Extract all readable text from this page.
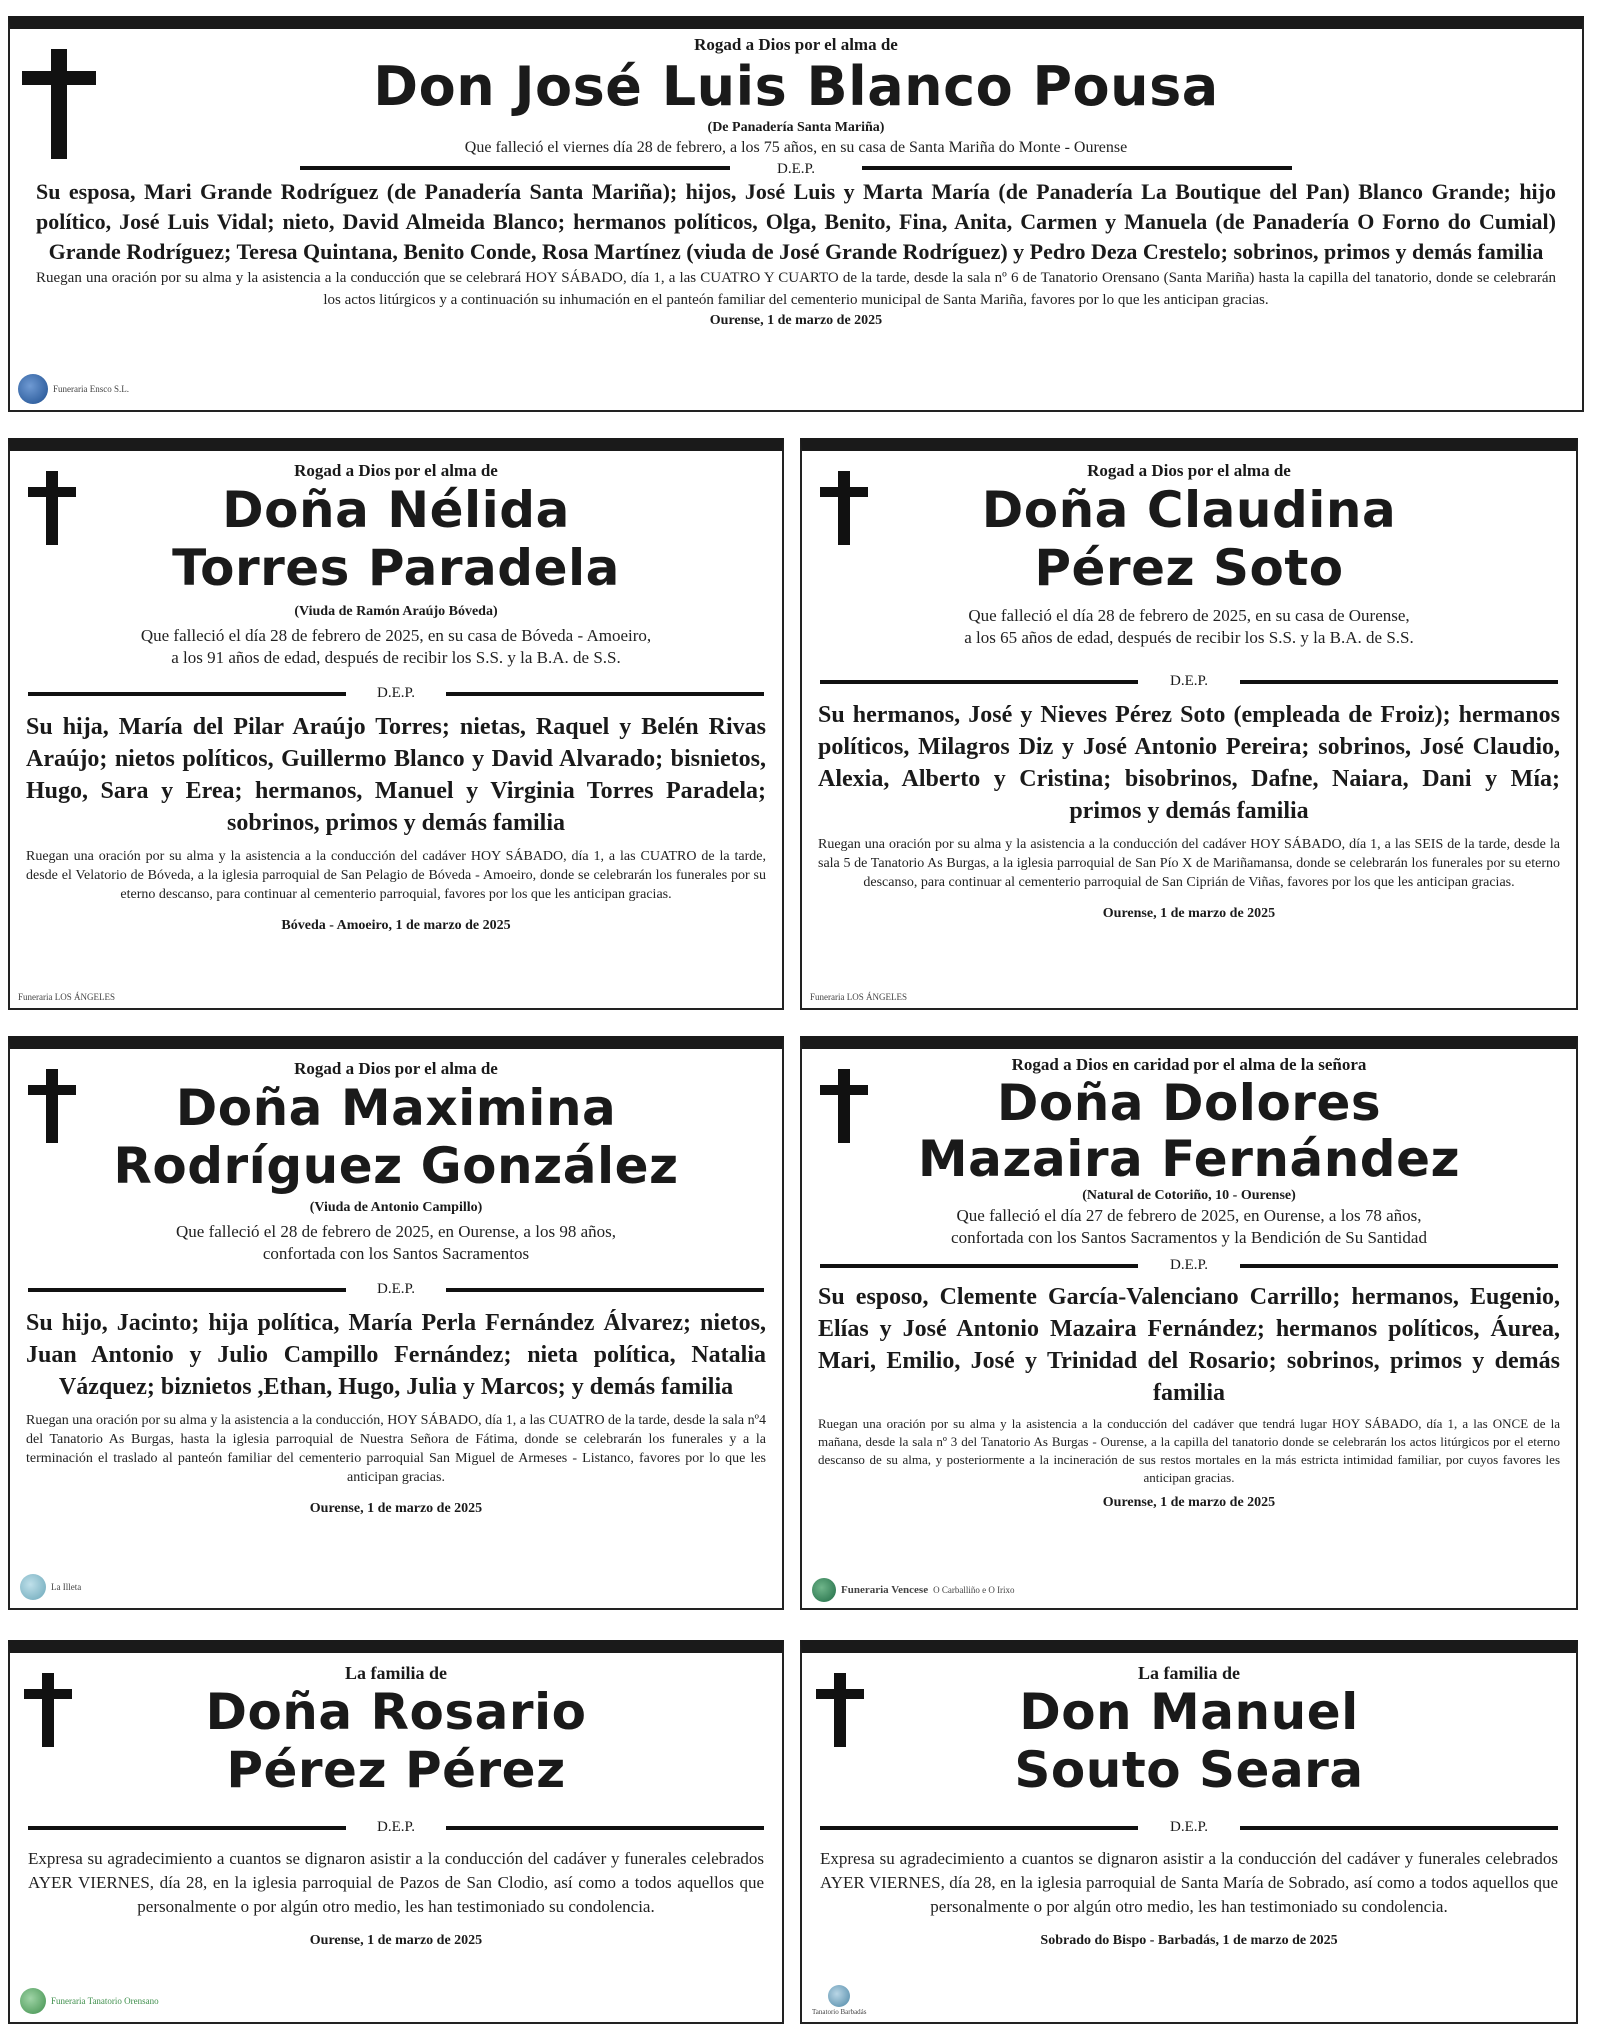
Rogad a Dios por el alma de
Don José Luis Blanco Pousa
(De Panadería Santa Mariña)
Que falleció el viernes día 28 de febrero, a los 75 años, en su casa de Santa Mariña do Monte - Ourense
D.E.P.
Su esposa, Mari Grande Rodríguez (de Panadería Santa Mariña); hijos, José Luis y Marta María (de Panadería La Boutique del Pan) Blanco Grande; hijo político, José Luis Vidal; nieto, David Almeida Blanco; hermanos políticos, Olga, Benito, Fina, Anita, Carmen y Manuela (de Panadería O Forno do Cumial) Grande Rodríguez; Teresa Quintana, Benito Conde, Rosa Martínez (viuda de José Grande Rodríguez) y Pedro Deza Crestelo; sobrinos, primos y demás familia
Ruegan una oración por su alma y la asistencia a la conducción que se celebrará HOY SÁBADO, día 1, a las CUATRO Y CUARTO de la tarde, desde la sala nº 6 de Tanatorio Orensano (Santa Mariña) hasta la capilla del tanatorio, donde se celebrarán los actos litúrgicos y a continuación su inhumación en el panteón familiar del cementerio municipal de Santa Mariña, favores por lo que les anticipan gracias.
Ourense, 1 de marzo de 2025
Funeraria Ensco S.L.
Rogad a Dios por el alma de
Doña Nélida
Torres Paradela
(Viuda de Ramón Araújo Bóveda)
Que falleció el día 28 de febrero de 2025, en su casa de Bóveda - Amoeiro,
a los 91 años de edad, después de recibir los S.S. y la B.A. de S.S.
D.E.P.
Su hija, María del Pilar Araújo Torres; nietas, Raquel y Belén Rivas Araújo; nietos políticos, Guillermo Blanco y David Alvarado; bisnietos, Hugo, Sara y Erea; hermanos, Manuel y Virginia Torres Paradela; sobrinos, primos y demás familia
Ruegan una oración por su alma y la asistencia a la conducción del cadáver HOY SÁBADO, día 1, a las CUATRO de la tarde, desde el Velatorio de Bóveda, a la iglesia parroquial de San Pelagio de Bóveda - Amoeiro, donde se celebrarán los funerales por su eterno descanso, para continuar al cementerio parroquial, favores por los que les anticipan gracias.
Bóveda - Amoeiro, 1 de marzo de 2025
Funeraria LOS ÁNGELES
Rogad a Dios por el alma de
Doña Claudina
Pérez Soto
Que falleció el día 28 de febrero de 2025, en su casa de Ourense,
a los 65 años de edad, después de recibir los S.S. y la B.A. de S.S.
D.E.P.
Su hermanos, José y Nieves Pérez Soto (empleada de Froiz); hermanos políticos, Milagros Diz y José Antonio Pereira; sobrinos, José Claudio, Alexia, Alberto y Cristina; bisobrinos, Dafne, Naiara, Dani y Mía; primos y demás familia
Ruegan una oración por su alma y la asistencia a la conducción del cadáver HOY SÁBADO, día 1, a las SEIS de la tarde, desde la sala 5 de Tanatorio As Burgas, a la iglesia parroquial de San Pío X de Mariñamansa, donde se celebrarán los funerales por su eterno descanso, para continuar al cementerio parroquial de San Ciprián de Viñas, favores por los que les anticipan gracias.
Ourense, 1 de marzo de 2025
Funeraria LOS ÁNGELES
Rogad a Dios por el alma de
Doña Maximina
Rodríguez González
(Viuda de Antonio Campillo)
Que falleció el 28 de febrero de 2025, en Ourense, a los 98 años,
confortada con los Santos Sacramentos
D.E.P.
Su hijo, Jacinto; hija política, María Perla Fernández Álvarez; nietos, Juan Antonio y Julio Campillo Fernández; nieta política, Natalia Vázquez; biznietos ,Ethan, Hugo, Julia y Marcos; y demás familia
Ruegan una oración por su alma y la asistencia a la conducción, HOY SÁBADO, día 1, a las CUATRO de la tarde, desde la sala nº4 del Tanatorio As Burgas, hasta la iglesia parroquial de Nuestra Señora de Fátima, donde se celebrarán los funerales y a la terminación el traslado al panteón familiar del cementerio parroquial San Miguel de Armeses - Listanco, favores por lo que les anticipan gracias.
Ourense, 1 de marzo de 2025
La Illeta
Rogad a Dios en caridad por el alma de la señora
Doña Dolores
Mazaira Fernández
(Natural de Cotoriño, 10 - Ourense)
Que falleció el día 27 de febrero de 2025, en Ourense, a los 78 años,
confortada con los Santos Sacramentos y la Bendición de Su Santidad
D.E.P.
Su esposo, Clemente García-Valenciano Carrillo; hermanos, Eugenio, Elías y José Antonio Mazaira Fernández; hermanos políticos, Áurea, Mari, Emilio, José y Trinidad del Rosario; sobrinos, primos y demás familia
Ruegan una oración por su alma y la asistencia a la conducción del cadáver que tendrá lugar HOY SÁBADO, día 1, a las ONCE de la mañana, desde la sala nº 3 del Tanatorio As Burgas - Ourense, a la capilla del tanatorio donde se celebrarán los actos litúrgicos por el eterno descanso de su alma, y posteriormente a la incineración de sus restos mortales en la más estricta intimidad familiar, por cuyos favores les anticipan gracias.
Ourense, 1 de marzo de 2025
Funeraria Vencese O Carballiño e O Irixo
La familia de
Doña Rosario
Pérez Pérez
D.E.P.
Expresa su agradecimiento a cuantos se dignaron asistir a la conducción del cadáver y funerales celebrados AYER VIERNES, día 28, en la iglesia parroquial de Pazos de San Clodio, así como a todos aquellos que personalmente o por algún otro medio, les han testimoniado su condolencia.
Ourense, 1 de marzo de 2025
Funeraria Tanatorio Orensano
La familia de
Don Manuel
Souto Seara
D.E.P.
Expresa su agradecimiento a cuantos se dignaron asistir a la conducción del cadáver y funerales celebrados AYER VIERNES, día 28, en la iglesia parroquial de Santa María de Sobrado, así como a todos aquellos que personalmente o por algún otro medio, les han testimoniado su condolencia.
Sobrado do Bispo - Barbadás, 1 de marzo de 2025
Tanatorio Barbadás
